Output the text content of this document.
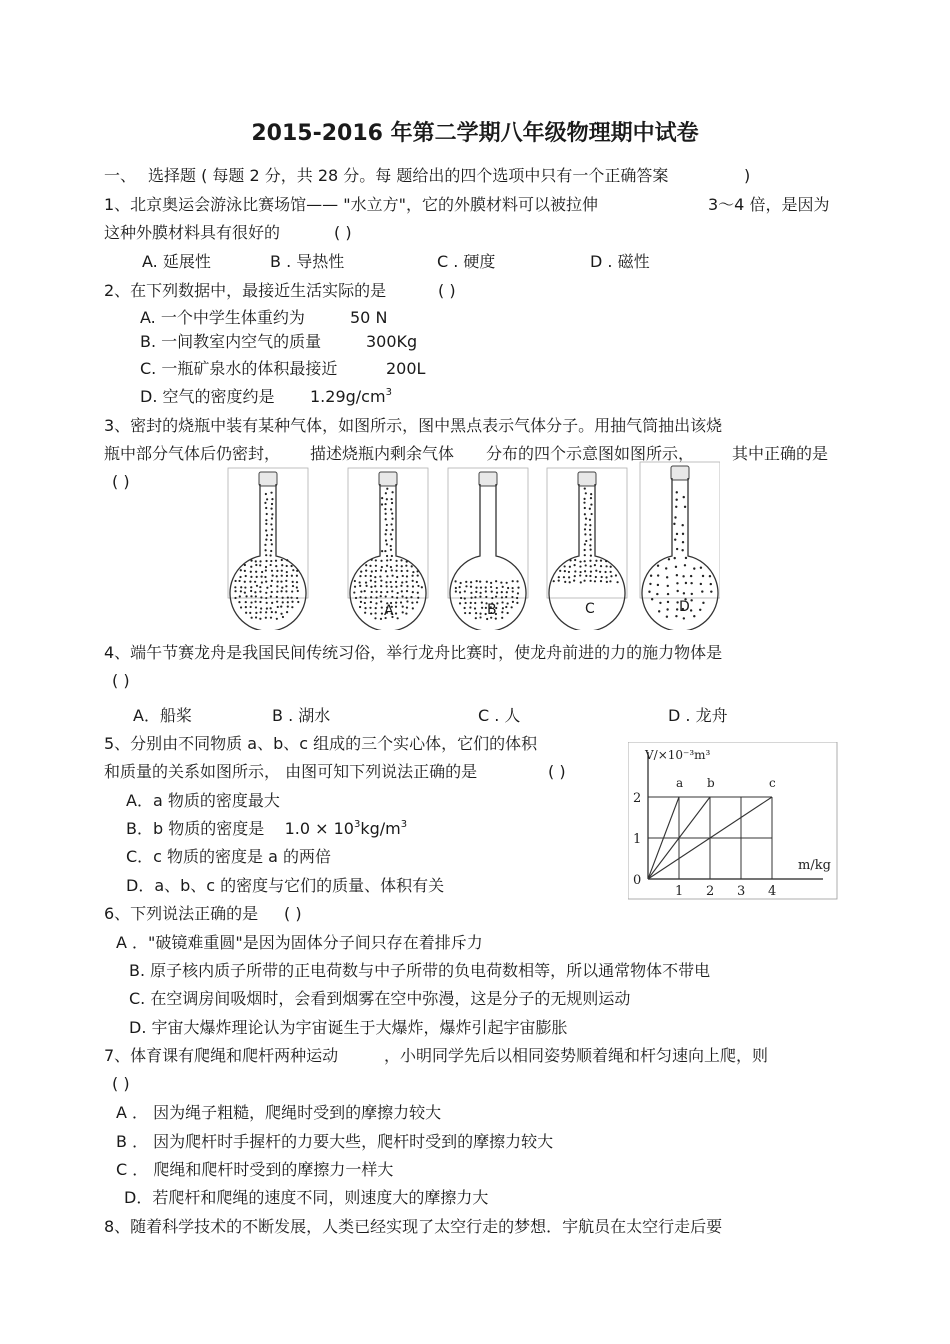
2015-2016 年第二学期八年级物理期中试卷
一、 选择题 ( 每题 2 分，共 28 分。每 题给出的四个选项中只有一个正确答案	)
1、北京奥运会游泳比赛场馆—— "水立方"，它的外膜材料可以被拉伸	3～4 倍，是因为
这种外膜材料具有很好的	( )
A. 延展性	B . 导热性	C . 硬度	D . 磁性
2、在下列数据中，最接近生活实际的是	( )
A. 一个中学生体重约为	50 N
B. 一间教室内空气的质量	300Kg
C. 一瓶矿泉水的体积最接近	200L
D. 空气的密度约是 $1.29g/cm^3$
3、密封的烧瓶中装有某种气体，如图所示，图中黑点表示气体分子。用抽气筒抽出该烧
瓶中部分气体后仍密封， 描述烧瓶内剩余气体 分布的四个示意图如图所示， 其中正确的是
( )
A	B	C	D
4、端午节赛龙舟是我国民间传统习俗，举行龙舟比赛时，使龙舟前进的力的施力物体是
( )
A．船桨	B . 湖水	C . 人	D . 龙舟
5、分别由不同物质 a、b、c 组成的三个实心体，它们的体积
和质量的关系如图所示， 由图可知下列说法正确的是	( )
A．a 物质的密度最大
B．b 物质的密度是 $1.0 \times 10^3kg/m^3$
C．c 物质的密度是 a 的两倍
D．a、b、c 的密度与它们的质量、体积有关	1 2 3 4
0
1
2
V/×10⁻³m³
m/kg
a b	c
6、下列说法正确的是 ( )
A ．"破镜难重圆"是因为固体分子间只存在着排斥力
B. 原子核内质子所带的正电荷数与中子所带的负电荷数相等，所以通常物体不带电
C. 在空调房间吸烟时，会看到烟雾在空中弥漫，这是分子的无规则运动
D. 宇宙大爆炸理论认为宇宙诞生于大爆炸，爆炸引起宇宙膨胀
7、体育课有爬绳和爬杆两种运动	，小明同学先后以相同姿势顺着绳和杆匀速向上爬，则
( )
A ． 因为绳子粗糙，爬绳时受到的摩擦力较大
B ． 因为爬杆时手握杆的力要大些，爬杆时受到的摩擦力较大
C ． 爬绳和爬杆时受到的摩擦力一样大
D．若爬杆和爬绳的速度不同，则速度大的摩擦力大
8、随着科学技术的不断发展，人类已经实现了太空行走的梦想．宇航员在太空行走后要
